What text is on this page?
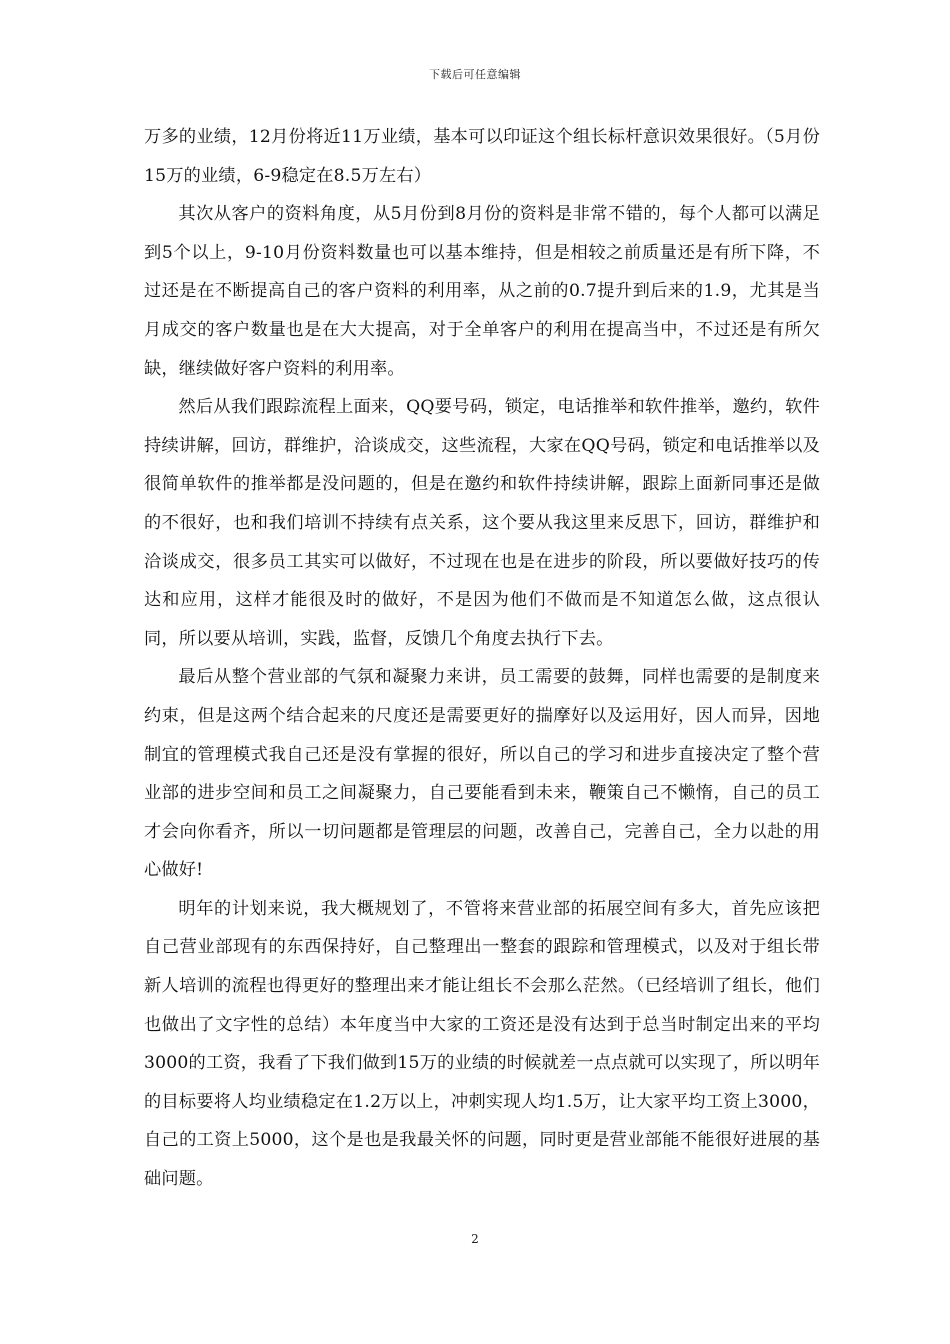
下载后可任意编辑

万多的业绩，12月份将近11万业绩，基本可以印证这个组长标杆意识效果很好。（5月份15万的业绩，6-9稳定在8.5万左右）

其次从客户的资料角度，从5月份到8月份的资料是非常不错的，每个人都可以满足到5个以上，9-10月份资料数量也可以基本维持，但是相较之前质量还是有所下降，不过还是在不断提高自己的客户资料的利用率，从之前的0.7提升到后来的1.9，尤其是当月成交的客户数量也是在大大提高，对于全单客户的利用在提高当中，不过还是有所欠缺，继续做好客户资料的利用率。

然后从我们跟踪流程上面来，QQ要号码，锁定，电话推举和软件推举，邀约，软件持续讲解，回访，群维护，洽谈成交，这些流程，大家在QQ号码，锁定和电话推举以及很简单软件的推举都是没问题的，但是在邀约和软件持续讲解，跟踪上面新同事还是做的不很好，也和我们培训不持续有点关系，这个要从我这里来反思下，回访，群维护和洽谈成交，很多员工其实可以做好，不过现在也是在进步的阶段，所以要做好技巧的传达和应用，这样才能很及时的做好，不是因为他们不做而是不知道怎么做，这点很认同，所以要从培训，实践，监督，反馈几个角度去执行下去。

最后从整个营业部的气氛和凝聚力来讲，员工需要的鼓舞，同样也需要的是制度来约束，但是这两个结合起来的尺度还是需要更好的揣摩好以及运用好，因人而异，因地制宜的管理模式我自己还是没有掌握的很好，所以自己的学习和进步直接决定了整个营业部的进步空间和员工之间凝聚力，自己要能看到未来，鞭策自己不懒惰，自己的员工才会向你看齐，所以一切问题都是管理层的问题，改善自己，完善自己，全力以赴的用心做好!

明年的计划来说，我大概规划了，不管将来营业部的拓展空间有多大，首先应该把自己营业部现有的东西保持好，自己整理出一整套的跟踪和管理模式，以及对于组长带新人培训的流程也得更好的整理出来才能让组长不会那么茫然。（已经培训了组长，他们也做出了文字性的总结）本年度当中大家的工资还是没有达到于总当时制定出来的平均3000的工资，我看了下我们做到15万的业绩的时候就差一点点就可以实现了，所以明年的目标要将人均业绩稳定在1.2万以上，冲刺实现人均1.5万，让大家平均工资上3000，自己的工资上5000，这个是也是我最关怀的问题，同时更是营业部能不能很好进展的基础问题。

2
